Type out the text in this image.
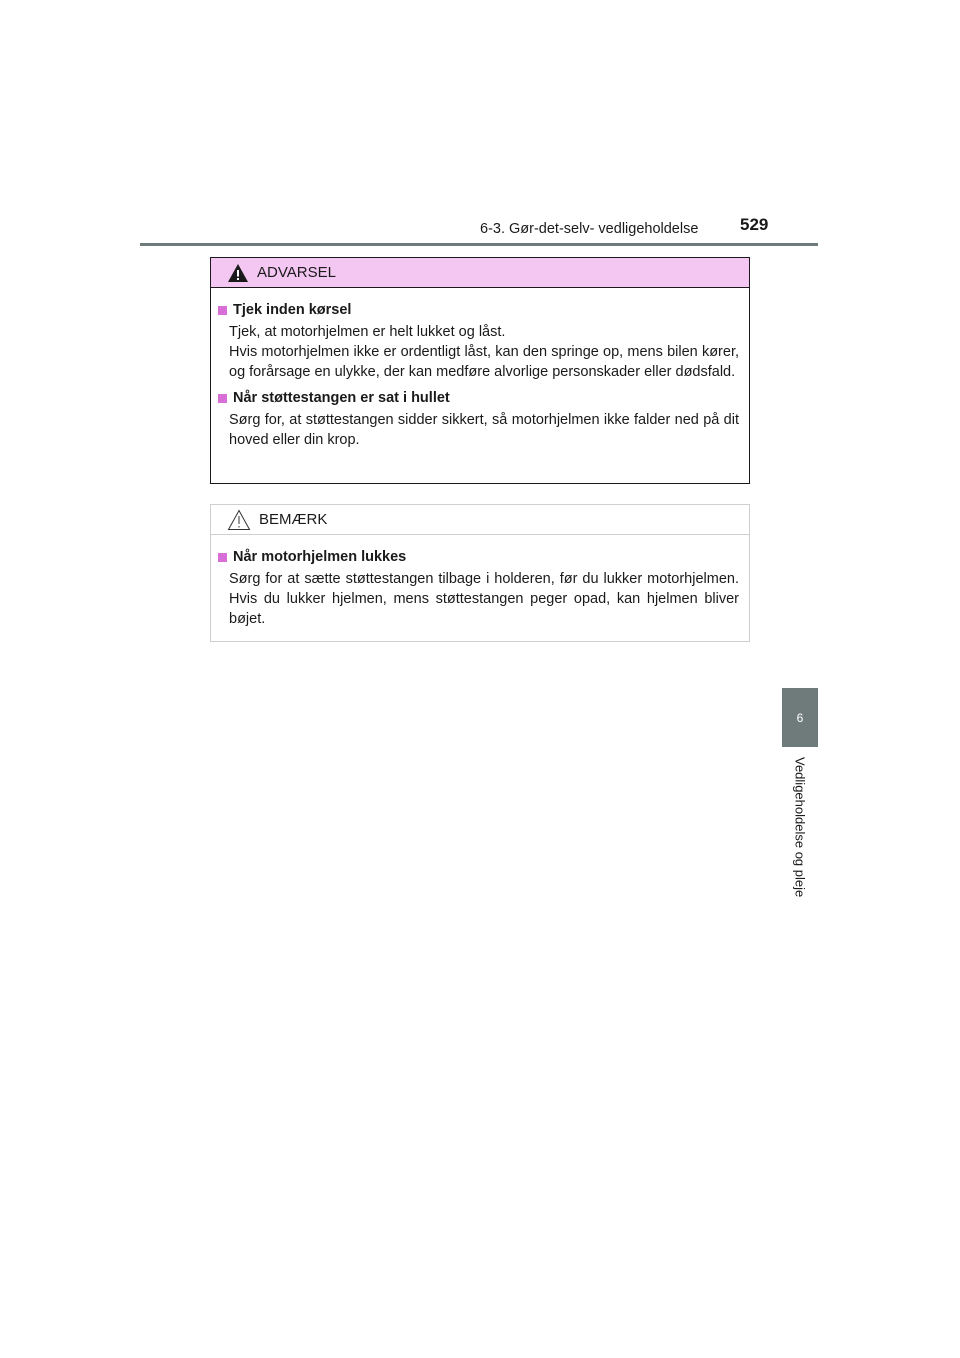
6-3. Gør-det-selv- vedligeholdelse 529
6
Vedligeholdelse og pleje
ADVARSEL
Tjek inden kørsel
Tjek, at motorhjelmen er helt lukket og låst.
Hvis motorhjelmen ikke er ordentligt låst, kan den springe op, mens bilen kører, og forårsage en ulykke, der kan medføre alvorlige personskader eller dødsfald.
Når støttestangen er sat i hullet
Sørg for, at støttestangen sidder sikkert, så motorhjelmen ikke falder ned på dit hoved eller din krop.
BEMÆRK
Når motorhjelmen lukkes
Sørg for at sætte støttestangen tilbage i holderen, før du lukker motorhjelmen. Hvis du lukker hjelmen, mens støttestangen peger opad, kan hjelmen bliver bøjet.
